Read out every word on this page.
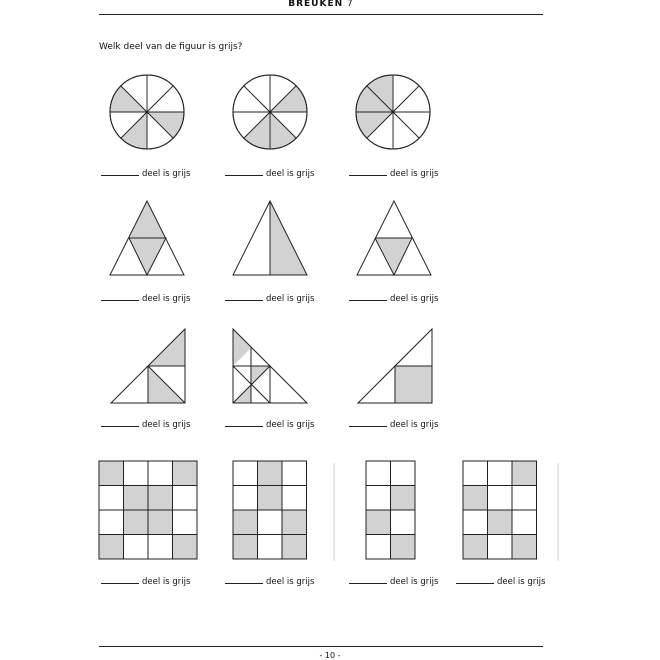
BREUKEN 7
Welk deel van de figuur is grijs?
deel is grijs	deel is grijs	deel is grijs
deel is grijs	deel is grijs	deel is grijs
deel is grijs	deel is grijs	deel is grijs
deel is grijs	deel is grijs	deel is grijs	deel is grijs
- 10 -
